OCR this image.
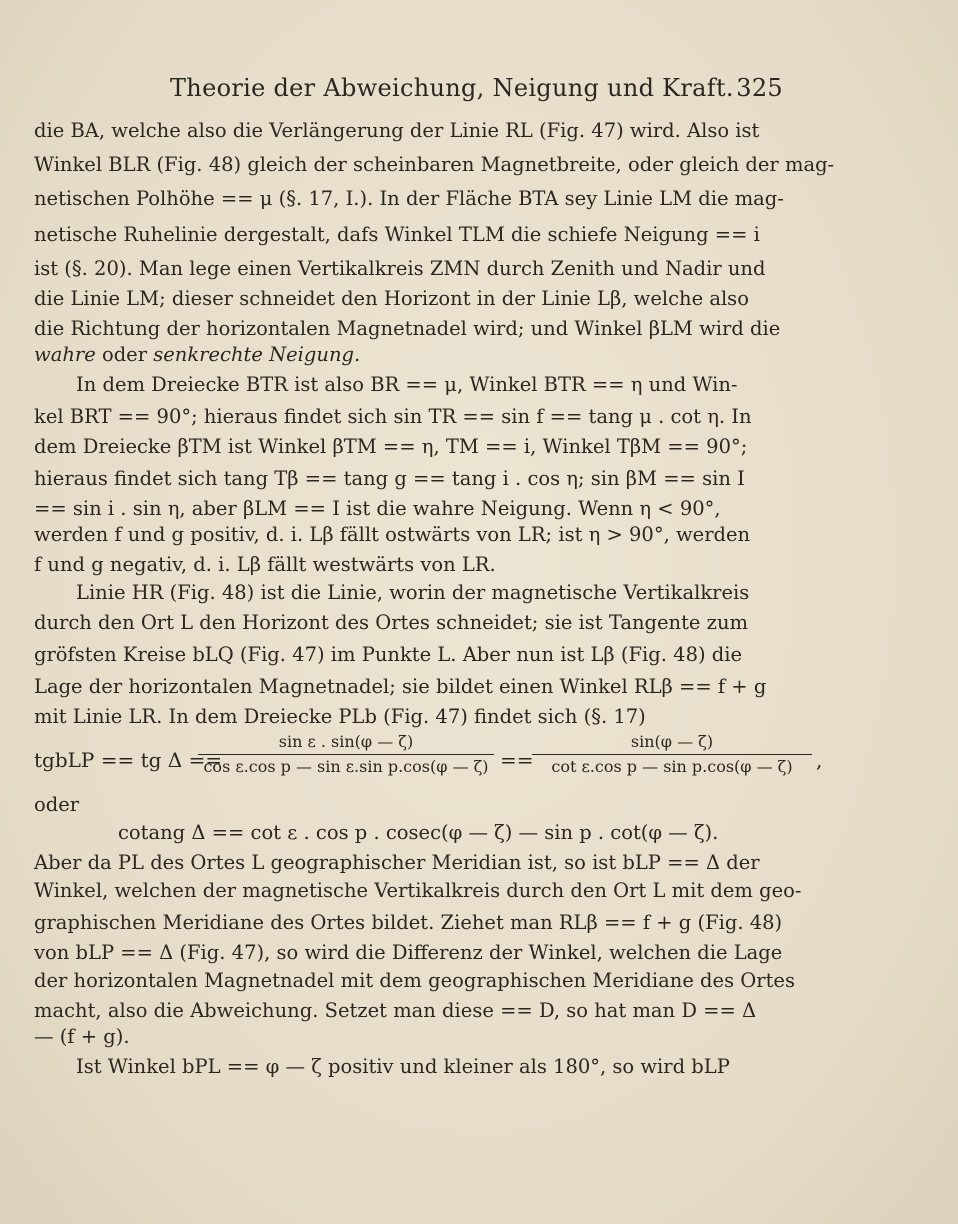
Theorie der Abweichung, Neigung und Kraft. 325
die BA, welche also die Verlängerung der Linie RL (Fig. 47) wird. Also ist
Winkel BLR (Fig. 48) gleich der scheinbaren Magnetbreite, oder gleich der mag-
netischen Polhöhe == μ (§. 17, I.). In der Fläche BTA sey Linie LM die mag-
netische Ruhelinie dergestalt, dafs Winkel TLM die schiefe Neigung == i
ist (§. 20). Man lege einen Vertikalkreis ZMN durch Zenith und Nadir und
die Linie LM; dieser schneidet den Horizont in der Linie Lβ, welche also
die Richtung der horizontalen Magnetnadel wird; und Winkel βLM wird die
wahre oder senkrechte Neigung.
In dem Dreiecke BTR ist also BR == μ, Winkel BTR == η und Win-
kel BRT == 90°; hieraus findet sich sin TR == sin f == tang μ . cot η. In
dem Dreiecke βTM ist Winkel βTM == η, TM == i, Winkel TβM == 90°;
hieraus findet sich tang Tβ == tang g == tang i . cos η; sin βM == sin I
== sin i . sin η, aber βLM == I ist die wahre Neigung. Wenn η < 90°,
werden f und g positiv, d. i. Lβ fällt ostwärts von LR; ist η > 90°, werden
f und g negativ, d. i. Lβ fällt westwärts von LR.
Linie HR (Fig. 48) ist die Linie, worin der magnetische Vertikalkreis
durch den Ort L den Horizont des Ortes schneidet; sie ist Tangente zum
gröfsten Kreise bLQ (Fig. 47) im Punkte L. Aber nun ist Lβ (Fig. 48) die
Lage der horizontalen Magnetnadel; sie bildet einen Winkel RLβ == f + g
mit Linie LR. In dem Dreiecke PLb (Fig. 47) findet sich (§. 17)
tgbLP == tg Δ ==
sin ε . sin(φ — ζ)
cos ε.cos p — sin ε.sin p.cos(φ — ζ) ==
sin(φ — ζ)
cot ε.cos p — sin p.cos(φ — ζ)	,
oder
cotang Δ == cot ε . cos p . cosec(φ — ζ) — sin p . cot(φ — ζ).
Aber da PL des Ortes L geographischer Meridian ist, so ist bLP == Δ der
Winkel, welchen der magnetische Vertikalkreis durch den Ort L mit dem geo-
graphischen Meridiane des Ortes bildet. Ziehet man RLβ == f + g (Fig. 48)
von bLP == Δ (Fig. 47), so wird die Differenz der Winkel, welchen die Lage
der horizontalen Magnetnadel mit dem geographischen Meridiane des Ortes
macht, also die Abweichung. Setzet man diese == D, so hat man D == Δ
— (f + g).
Ist Winkel bPL == φ — ζ positiv und kleiner als 180°, so wird bLP
